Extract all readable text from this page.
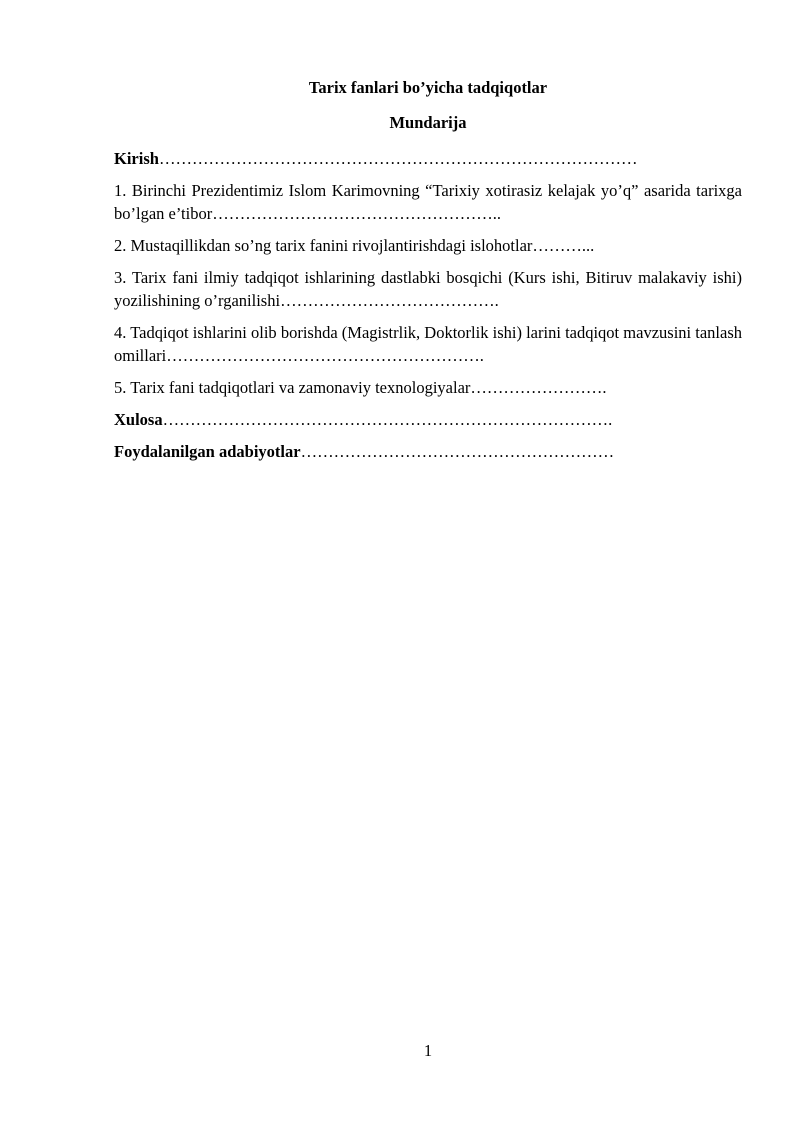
Tarix fanlari bo’yicha tadqiqotlar

Mundarija

Kirish……………………………………………………………………………

1. Birinchi Prezidentimiz Islom Karimovning “Tarixiy xotirasiz kelajak yo’q” asarida tarixga bo’lgan e’tibor……………………………………………..

2. Mustaqillikdan so’ng tarix fanini rivojlantirishdagi islohotlar………...

3. Tarix fani ilmiy tadqiqot ishlarining dastlabki bosqichi (Kurs ishi, Bitiruv malakaviy ishi) yozilishining o’rganilishi………………………………….

4. Tadqiqot ishlarini olib borishda (Magistrlik, Doktorlik ishi) larini tadqiqot mavzusini tanlash omillari………………………………………………….

5. Tarix fani tadqiqotlari va zamonaviy texnologiyalar…………………….

Xulosa……………………………………………………………………….

Foydalanilgan adabiyotlar…………………………………………………

1
